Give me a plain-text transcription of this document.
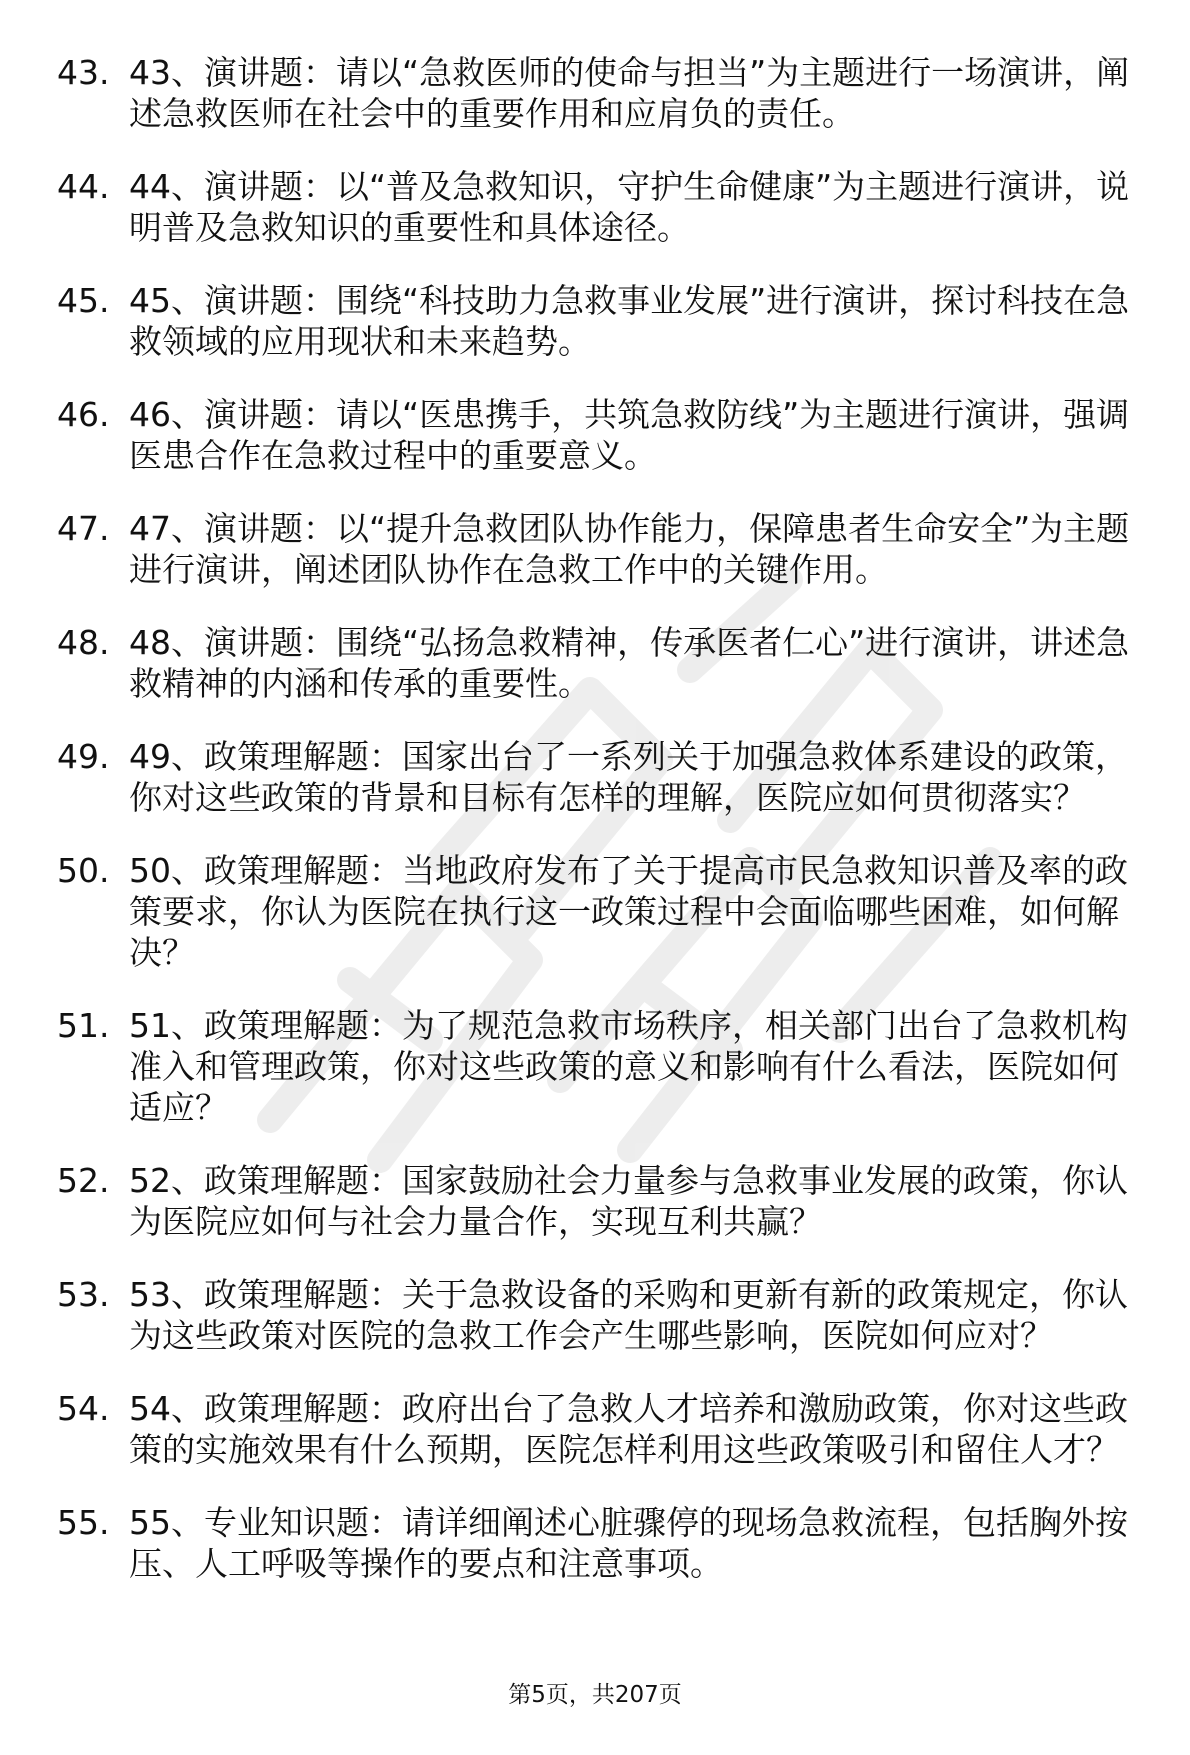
43. 43、演讲题：请以“急救医师的使命与担当”为主题进行一场演讲，阐述急救医师在社会中的重要作用和应肩负的责任。
44. 44、演讲题：以“普及急救知识，守护生命健康”为主题进行演讲，说明普及急救知识的重要性和具体途径。
45. 45、演讲题：围绕“科技助力急救事业发展”进行演讲，探讨科技在急救领域的应用现状和未来趋势。
46. 46、演讲题：请以“医患携手，共筑急救防线”为主题进行演讲，强调医患合作在急救过程中的重要意义。
47. 47、演讲题：以“提升急救团队协作能力，保障患者生命安全”为主题进行演讲，阐述团队协作在急救工作中的关键作用。
48. 48、演讲题：围绕“弘扬急救精神，传承医者仁心”进行演讲，讲述急救精神的内涵和传承的重要性。
49. 49、政策理解题：国家出台了一系列关于加强急救体系建设的政策，你对这些政策的背景和目标有怎样的理解，医院应如何贯彻落实？
50. 50、政策理解题：当地政府发布了关于提高市民急救知识普及率的政策要求，你认为医院在执行这一政策过程中会面临哪些困难，如何解决？
51. 51、政策理解题：为了规范急救市场秩序，相关部门出台了急救机构准入和管理政策，你对这些政策的意义和影响有什么看法，医院如何适应？
52. 52、政策理解题：国家鼓励社会力量参与急救事业发展的政策，你认为医院应如何与社会力量合作，实现互利共赢？
53. 53、政策理解题：关于急救设备的采购和更新有新的政策规定，你认为这些政策对医院的急救工作会产生哪些影响，医院如何应对？
54. 54、政策理解题：政府出台了急救人才培养和激励政策，你对这些政策的实施效果有什么预期，医院怎样利用这些政策吸引和留住人才？
55. 55、专业知识题：请详细阐述心脏骤停的现场急救流程，包括胸外按压、人工呼吸等操作的要点和注意事项。
第5页，共207页
